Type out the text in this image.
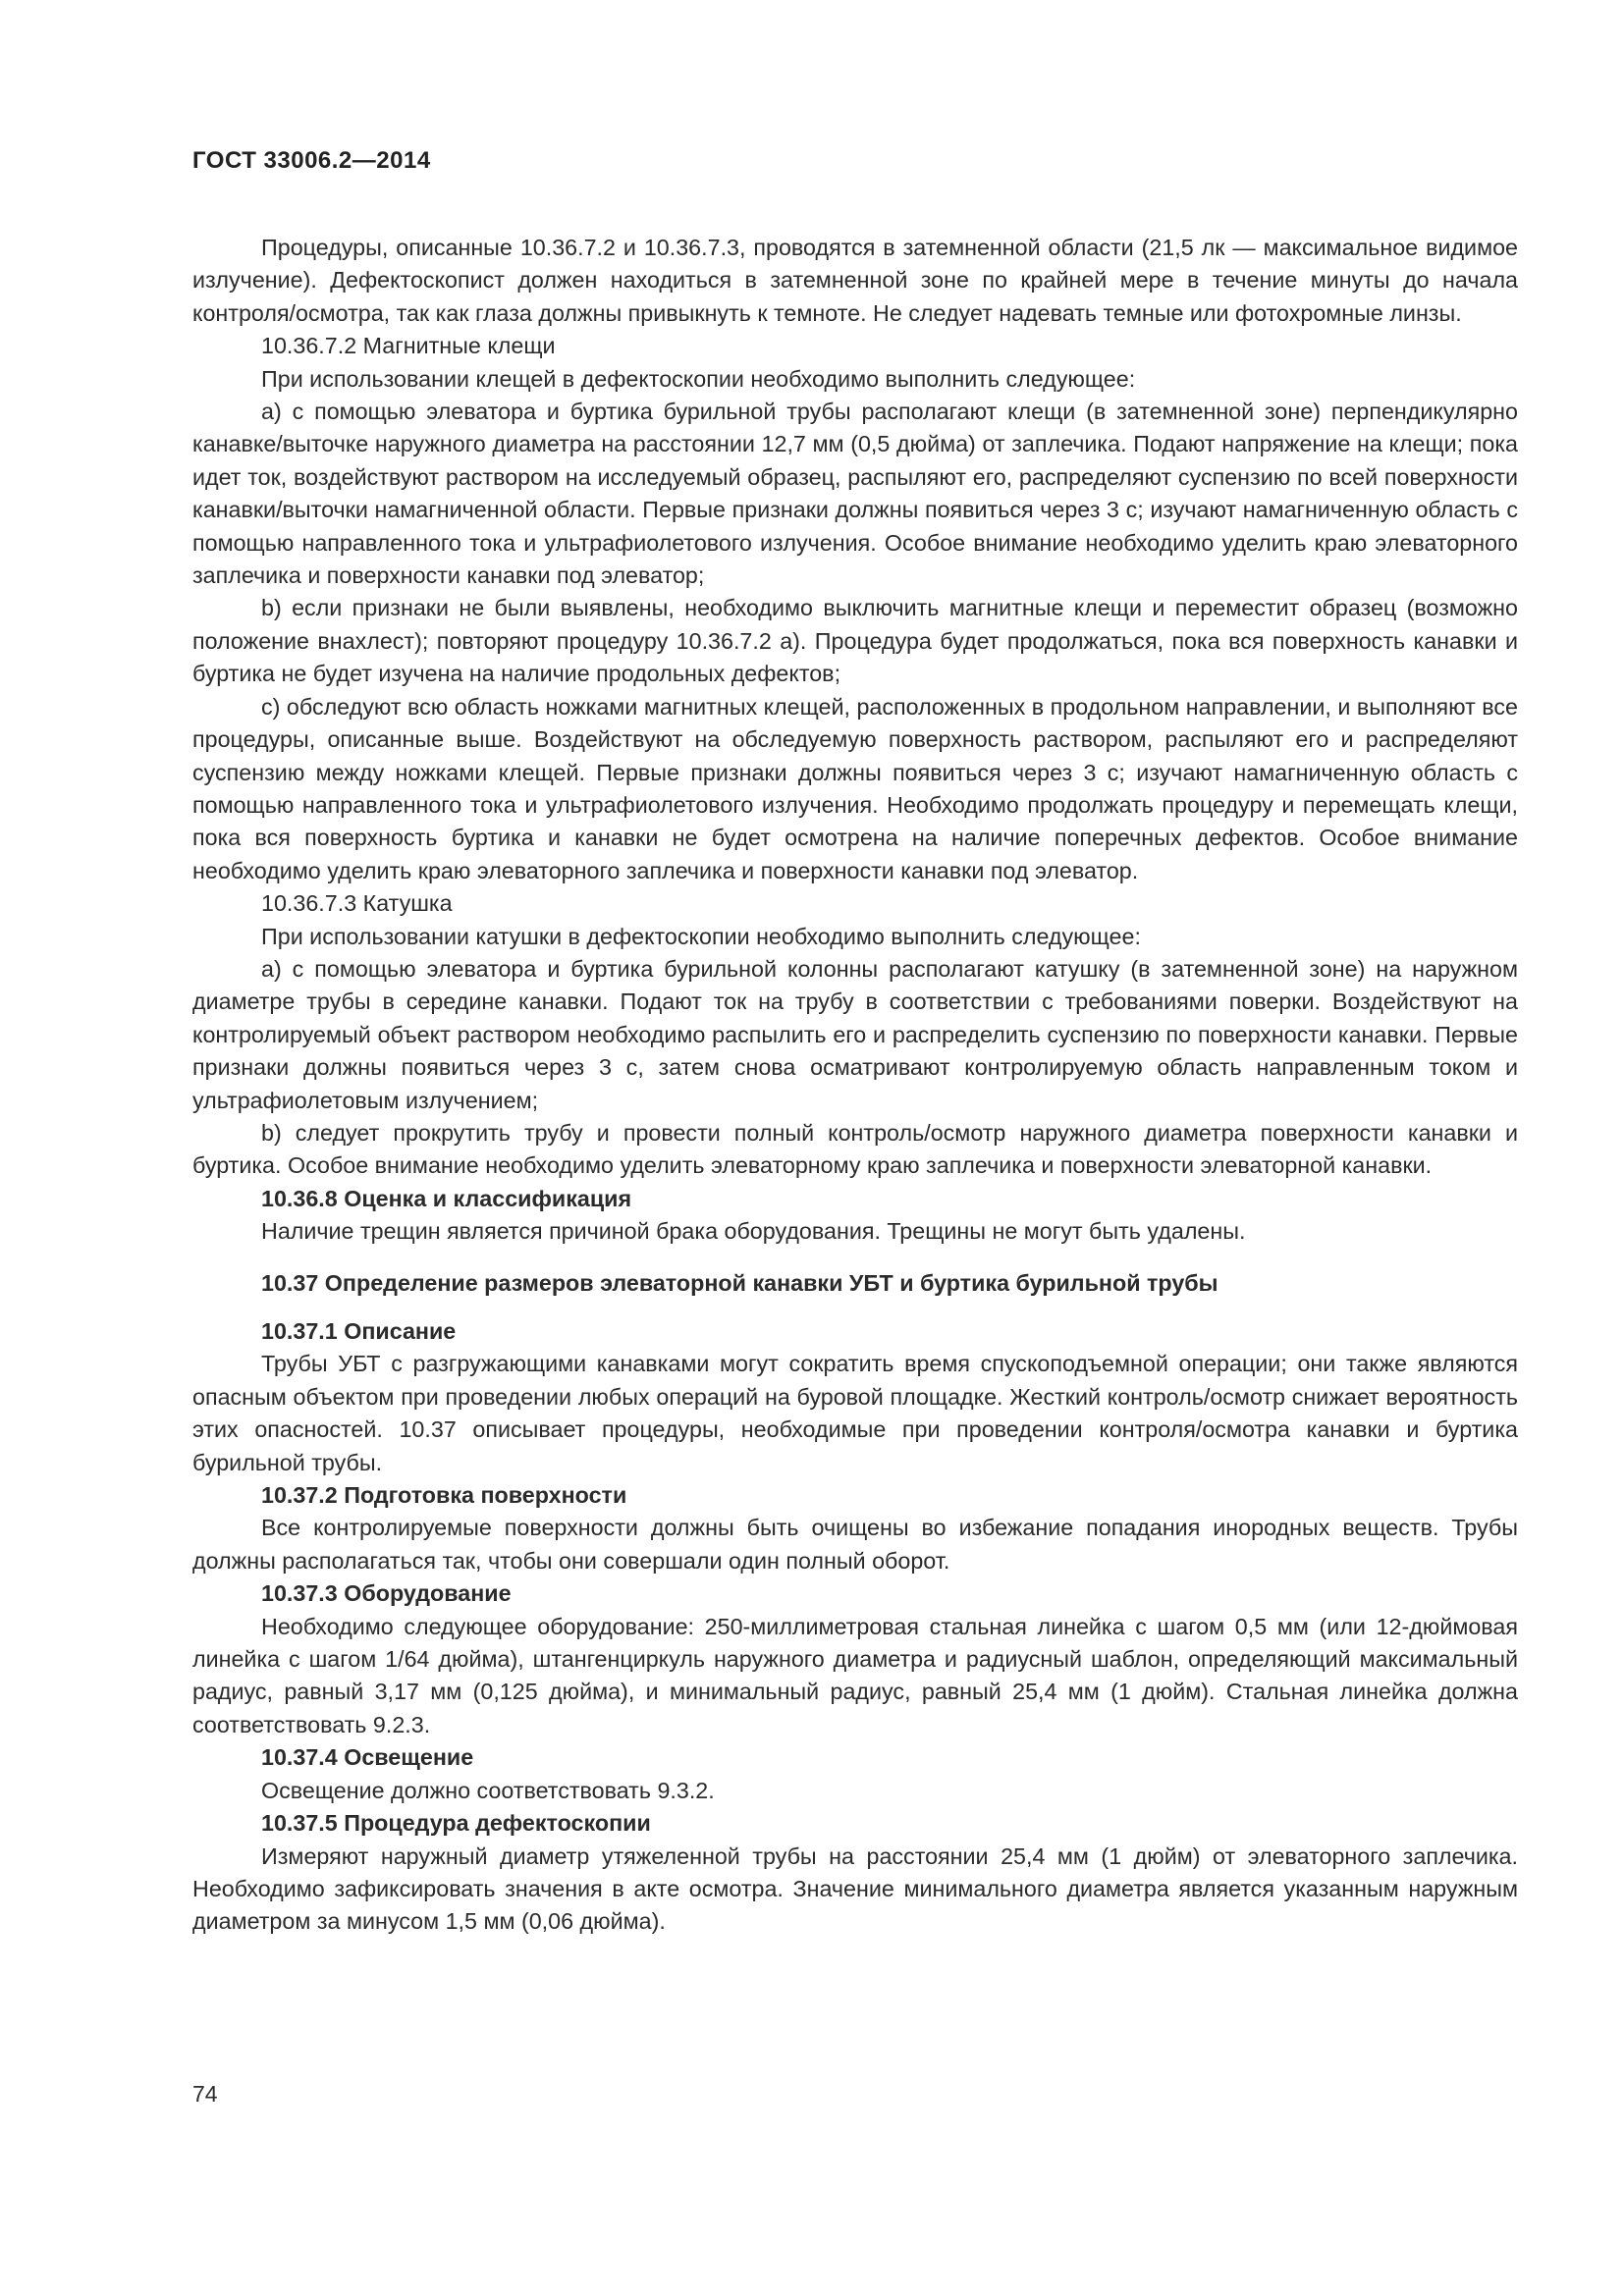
ГОСТ 33006.2—2014

Процедуры, описанные 10.36.7.2 и 10.36.7.3, проводятся в затемненной области (21,5 лк — максимальное видимое излучение). Дефектоскопист должен находиться в затемненной зоне по крайней мере в течение минуты до начала контроля/осмотра, так как глаза должны привыкнуть к темноте. Не следует надевать темные или фотохромные линзы.

10.36.7.2 Магнитные клещи

При использовании клещей в дефектоскопии необходимо выполнить следующее:

a) с помощью элеватора и буртика бурильной трубы располагают клещи (в затемненной зоне) перпендикулярно канавке/выточке наружного диаметра на расстоянии 12,7 мм (0,5 дюйма) от заплечика. Подают напряжение на клещи; пока идет ток, воздействуют раствором на исследуемый образец, распыляют его, распределяют суспензию по всей поверхности канавки/выточки намагниченной области. Первые признаки должны появиться через 3 с; изучают намагниченную область с помощью направленного тока и ультрафиолетового излучения. Особое внимание необходимо уделить краю элеваторного заплечика и поверхности канавки под элеватор;

b) если признаки не были выявлены, необходимо выключить магнитные клещи и переместит образец (возможно положение внахлест); повторяют процедуру 10.36.7.2 a). Процедура будет продолжаться, пока вся поверхность канавки и буртика не будет изучена на наличие продольных дефектов;

c) обследуют всю область ножками магнитных клещей, расположенных в продольном направлении, и выполняют все процедуры, описанные выше. Воздействуют на обследуемую поверхность раствором, распыляют его и распределяют суспензию между ножками клещей. Первые признаки должны появиться через 3 с; изучают намагниченную область с помощью направленного тока и ультрафиолетового излучения. Необходимо продолжать процедуру и перемещать клещи, пока вся поверхность буртика и канавки не будет осмотрена на наличие поперечных дефектов. Особое внимание необходимо уделить краю элеваторного заплечика и поверхности канавки под элеватор.

10.36.7.3 Катушка

При использовании катушки в дефектоскопии необходимо выполнить следующее:

a) с помощью элеватора и буртика бурильной колонны располагают катушку (в затемненной зоне) на наружном диаметре трубы в середине канавки. Подают ток на трубу в соответствии с требованиями поверки. Воздействуют на контролируемый объект раствором необходимо распылить его и распределить суспензию по поверхности канавки. Первые признаки должны появиться через 3 с, затем снова осматривают контролируемую область направленным током и ультрафиолетовым излучением;

b) следует прокрутить трубу и провести полный контроль/осмотр наружного диаметра поверхности канавки и буртика. Особое внимание необходимо уделить элеваторному краю заплечика и поверхности элеваторной канавки.

10.36.8 Оценка и классификация

Наличие трещин является причиной брака оборудования. Трещины не могут быть удалены.

10.37 Определение размеров элеваторной канавки УБТ и буртика бурильной трубы

10.37.1 Описание

Трубы УБТ с разгружающими канавками могут сократить время спускоподъемной операции; они также являются опасным объектом при проведении любых операций на буровой площадке. Жесткий контроль/осмотр снижает вероятность этих опасностей. 10.37 описывает процедуры, необходимые при проведении контроля/осмотра канавки и буртика бурильной трубы.

10.37.2 Подготовка поверхности

Все контролируемые поверхности должны быть очищены во избежание попадания инородных веществ. Трубы должны располагаться так, чтобы они совершали один полный оборот.

10.37.3 Оборудование

Необходимо следующее оборудование: 250-миллиметровая стальная линейка с шагом 0,5 мм (или 12-дюймовая линейка с шагом 1/64 дюйма), штангенциркуль наружного диаметра и радиусный шаблон, определяющий максимальный радиус, равный 3,17 мм (0,125 дюйма), и минимальный радиус, равный 25,4 мм (1 дюйм). Стальная линейка должна соответствовать 9.2.3.

10.37.4 Освещение

Освещение должно соответствовать 9.3.2.

10.37.5 Процедура дефектоскопии

Измеряют наружный диаметр утяжеленной трубы на расстоянии 25,4 мм (1 дюйм) от элеваторного заплечика. Необходимо зафиксировать значения в акте осмотра. Значение минимального диаметра является указанным наружным диаметром за минусом 1,5 мм (0,06 дюйма).

74
